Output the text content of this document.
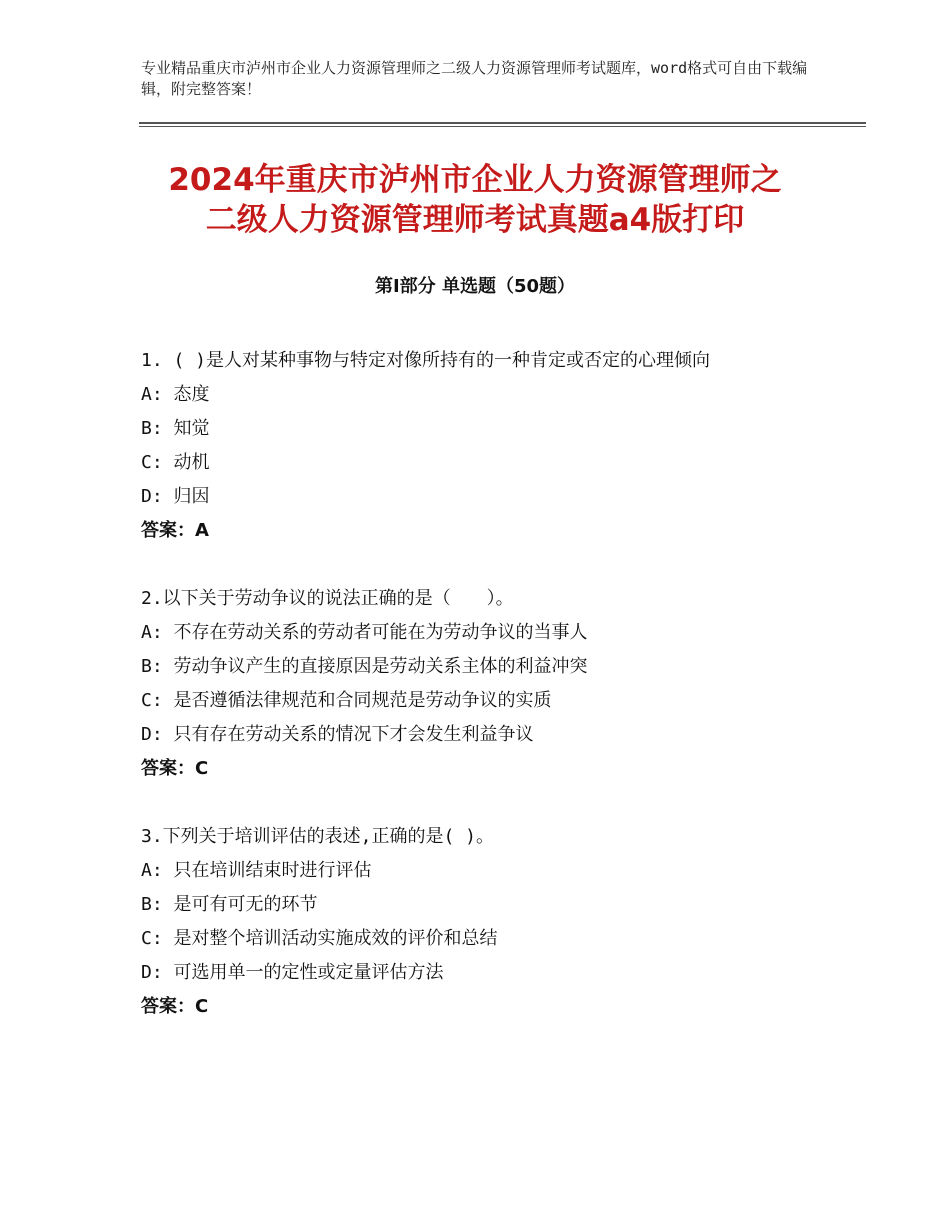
专业精品重庆市泸州市企业人力资源管理师之二级人力资源管理师考试题库，word格式可自由下载编辑，附完整答案！
2024年重庆市泸州市企业人力资源管理师之
二级人力资源管理师考试真题a4版打印
第Ⅰ部分 单选题（50题）

1. ( )是人对某种事物与特定对像所持有的一种肯定或否定的心理倾向

A: 态度

B: 知觉

C: 动机

D: 归因

答案：A

2.以下关于劳动争议的说法正确的是（　　）。

A: 不存在劳动关系的劳动者可能在为劳动争议的当事人

B: 劳动争议产生的直接原因是劳动关系主体的利益冲突

C: 是否遵循法律规范和合同规范是劳动争议的实质

D: 只有存在劳动关系的情况下才会发生利益争议

答案：C

3.下列关于培训评估的表述,正确的是( )。

A: 只在培训结束时进行评估

B: 是可有可无的环节

C: 是对整个培训活动实施成效的评价和总结

D: 可选用单一的定性或定量评估方法

答案：C
